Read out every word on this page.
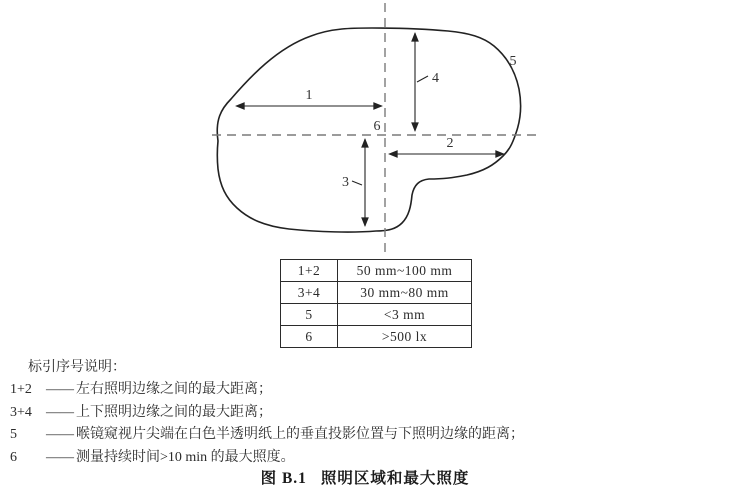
1
2
3
4
5
6
1+2	50 mm~100 mm
3+4	30 mm~80 mm
5	<3 mm
6	>500 lx
标引序号说明：
1+2 —— 左右照明边缘之间的最大距离；
3+4 —— 上下照明边缘之间的最大距离；
5 —— 喉镜窥视片尖端在白色半透明纸上的垂直投影位置与下照明边缘的距离；
6 —— 测量持续时间>10 min 的最大照度。
图 B.1 照明区域和最大照度
